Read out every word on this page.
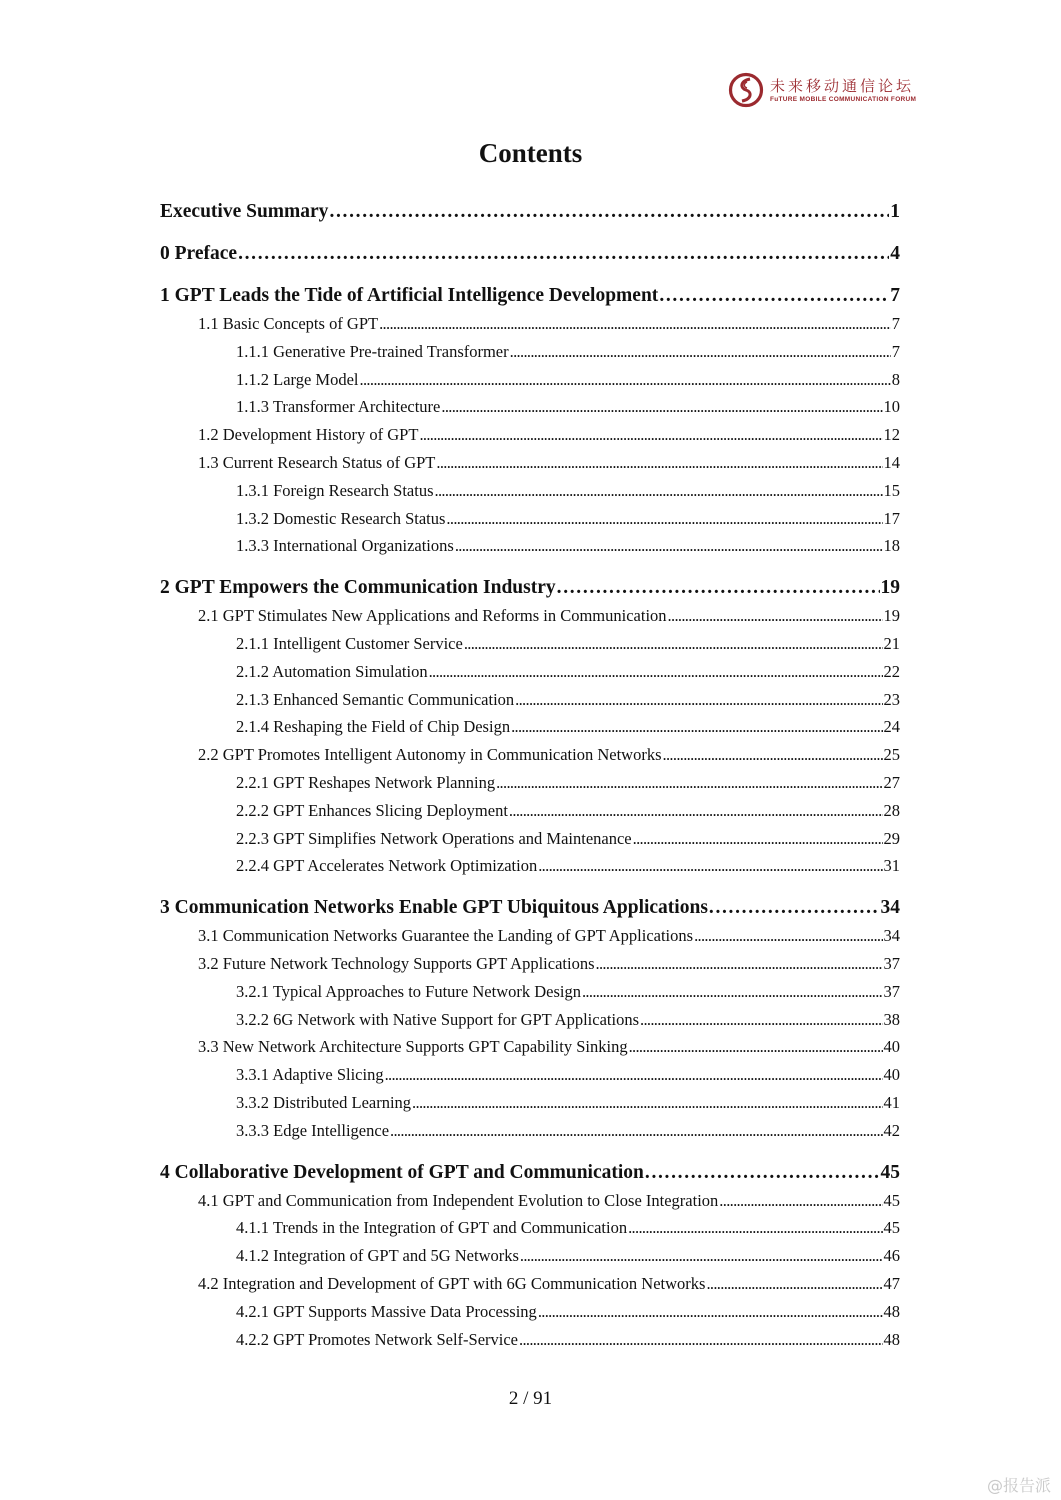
未来移动通信论坛
FuTURE MOBILE COMMUNICATION FORUM
Contents
Executive Summary . . .	1
0 Preface . . .	4
1 GPT Leads the Tide of Artificial Intelligence Development . . .	7
1.1 Basic Concepts of GPT . . .	7
1.1.1 Generative Pre-trained Transformer . . .	7
1.1.2 Large Model . . .	8
1.1.3 Transformer Architecture . . .	10
1.2 Development History of GPT . . .	12
1.3 Current Research Status of GPT . . .	14
1.3.1 Foreign Research Status . . .	15
1.3.2 Domestic Research Status . . .	17
1.3.3 International Organizations . . .	18
2 GPT Empowers the Communication Industry . . .	19
2.1 GPT Stimulates New Applications and Reforms in Communication . . .	19
2.1.1 Intelligent Customer Service . . .	21
2.1.2 Automation Simulation . . .	22
2.1.3 Enhanced Semantic Communication . . .	23
2.1.4 Reshaping the Field of Chip Design . . .	24
2.2 GPT Promotes Intelligent Autonomy in Communication Networks . . .	25
2.2.1 GPT Reshapes Network Planning . . .	27
2.2.2 GPT Enhances Slicing Deployment . . .	28
2.2.3 GPT Simplifies Network Operations and Maintenance . . .	29
2.2.4 GPT Accelerates Network Optimization . . .	31
3 Communication Networks Enable GPT Ubiquitous Applications . . .	34
3.1 Communication Networks Guarantee the Landing of GPT Applications . . .	34
3.2 Future Network Technology Supports GPT Applications . . .	37
3.2.1 Typical Approaches to Future Network Design . . .	37
3.2.2 6G Network with Native Support for GPT Applications . . .	38
3.3 New Network Architecture Supports GPT Capability Sinking . . .	40
3.3.1 Adaptive Slicing . . .	40
3.3.2 Distributed Learning . . .	41
3.3.3 Edge Intelligence . . .	42
4 Collaborative Development of GPT and Communication . . .	45
4.1 GPT and Communication from Independent Evolution to Close Integration . . .	45
4.1.1 Trends in the Integration of GPT and Communication . . .	45
4.1.2 Integration of GPT and 5G Networks . . .	46
4.2 Integration and Development of GPT with 6G Communication Networks . . .	47
4.2.1 GPT Supports Massive Data Processing . . .	48
4.2.2 GPT Promotes Network Self-Service . . .	48
2 / 91
@报告派
